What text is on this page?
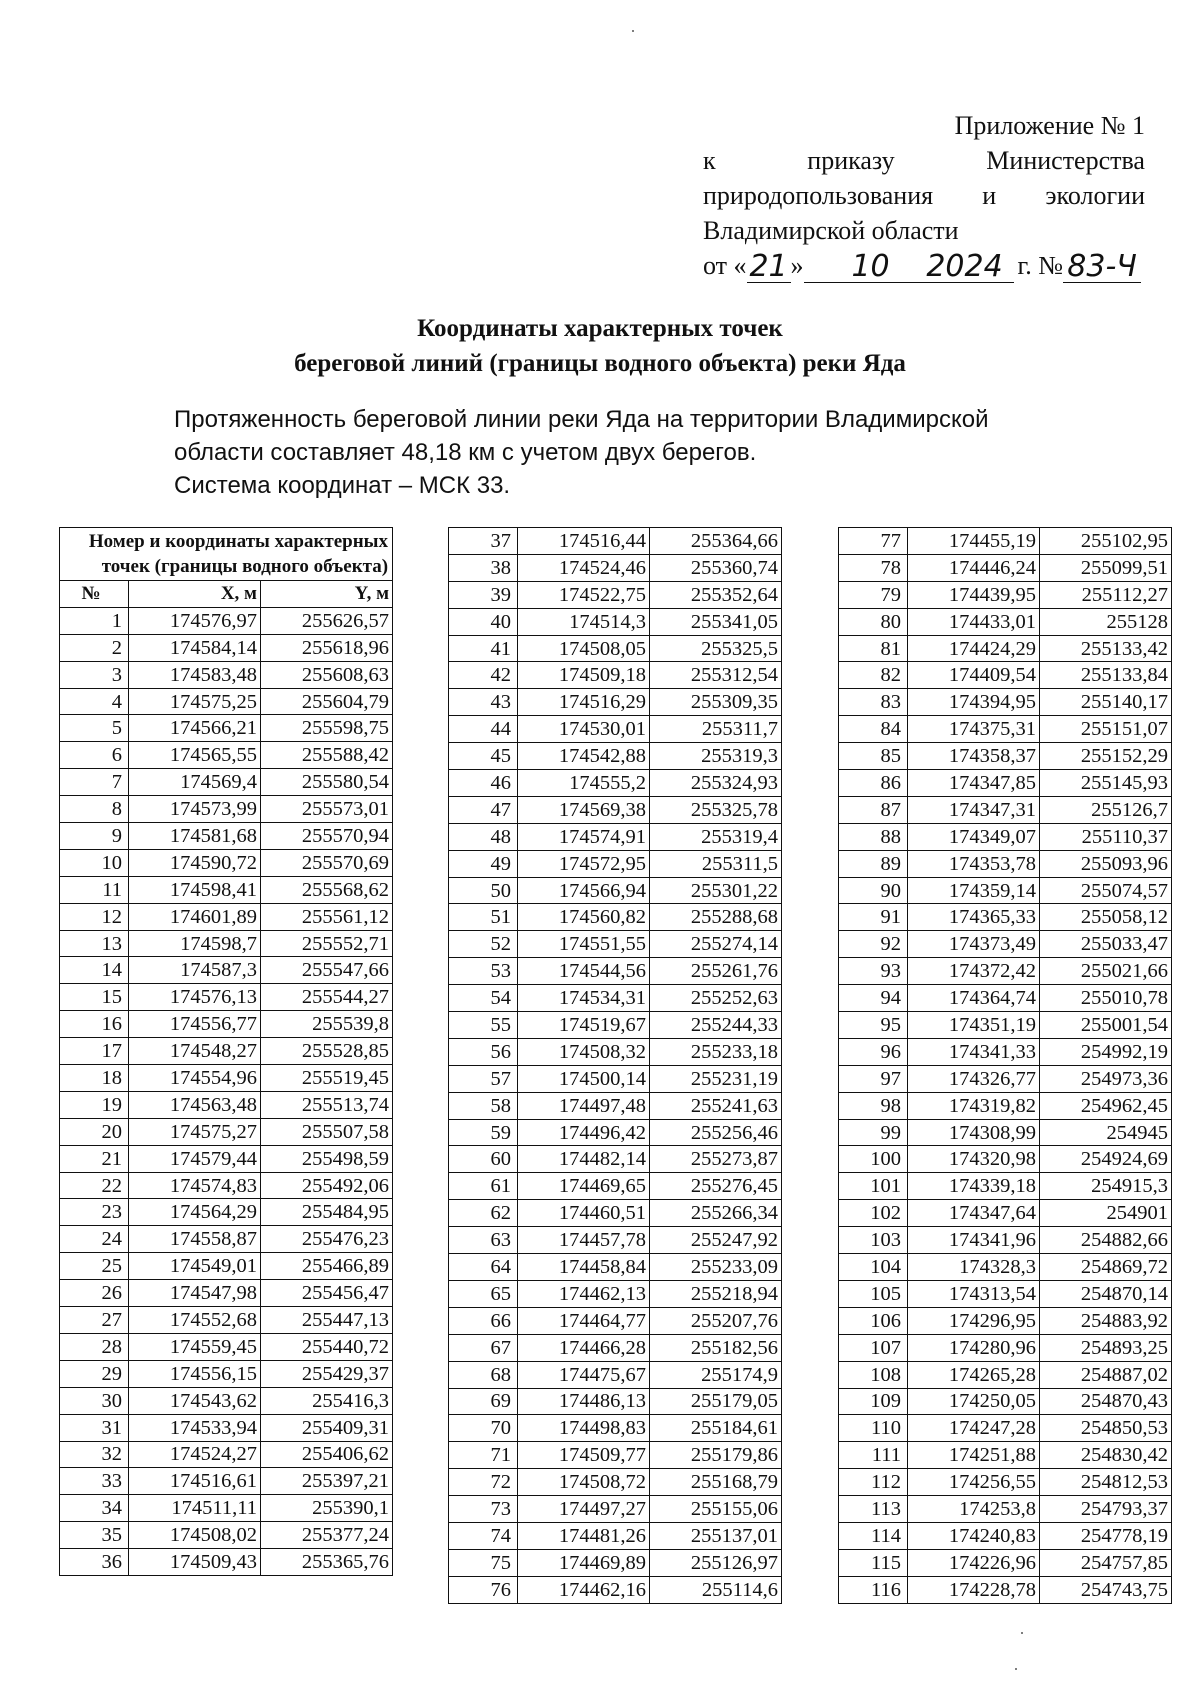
Приложение № 1
к	приказу	Министерства
природопользования и экологии
Владимирской области
от « 21 »	10	2024 г. № 83-Ч
Координаты характерных точек
береговой линий (границы водного объекта) реки Яда
Протяженность береговой линии реки Яда на территории Владимирской
области составляет 48,18 км с учетом двух берегов.
Система координат – МСК 33.
Номер и координаты характерных точек (границы водного объекта)		
№	X, м	Y, м
1	174576,97	255626,57
2	174584,14	255618,96
3	174583,48	255608,63
4	174575,25	255604,79
5	174566,21	255598,75
6	174565,55	255588,42
7	174569,4	255580,54
8	174573,99	255573,01
9	174581,68	255570,94
10	174590,72	255570,69
11	174598,41	255568,62
12	174601,89	255561,12
13	174598,7	255552,71
14	174587,3	255547,66
15	174576,13	255544,27
16	174556,77	255539,8
17	174548,27	255528,85
18	174554,96	255519,45
19	174563,48	255513,74
20	174575,27	255507,58
21	174579,44	255498,59
22	174574,83	255492,06
23	174564,29	255484,95
24	174558,87	255476,23
25	174549,01	255466,89
26	174547,98	255456,47
27	174552,68	255447,13
28	174559,45	255440,72
29	174556,15	255429,37
30	174543,62	255416,3
31	174533,94	255409,31
32	174524,27	255406,62
33	174516,61	255397,21
34	174511,11	255390,1
35	174508,02	255377,24
36	174509,43	255365,76
37	174516,44	255364,66
38	174524,46	255360,74
39	174522,75	255352,64
40	174514,3	255341,05
41	174508,05	255325,5
42	174509,18	255312,54
43	174516,29	255309,35
44	174530,01	255311,7
45	174542,88	255319,3
46	174555,2	255324,93
47	174569,38	255325,78
48	174574,91	255319,4
49	174572,95	255311,5
50	174566,94	255301,22
51	174560,82	255288,68
52	174551,55	255274,14
53	174544,56	255261,76
54	174534,31	255252,63
55	174519,67	255244,33
56	174508,32	255233,18
57	174500,14	255231,19
58	174497,48	255241,63
59	174496,42	255256,46
60	174482,14	255273,87
61	174469,65	255276,45
62	174460,51	255266,34
63	174457,78	255247,92
64	174458,84	255233,09
65	174462,13	255218,94
66	174464,77	255207,76
67	174466,28	255182,56
68	174475,67	255174,9
69	174486,13	255179,05
70	174498,83	255184,61
71	174509,77	255179,86
72	174508,72	255168,79
73	174497,27	255155,06
74	174481,26	255137,01
75	174469,89	255126,97
76	174462,16	255114,6
77	174455,19	255102,95
78	174446,24	255099,51
79	174439,95	255112,27
80	174433,01	255128
81	174424,29	255133,42
82	174409,54	255133,84
83	174394,95	255140,17
84	174375,31	255151,07
85	174358,37	255152,29
86	174347,85	255145,93
87	174347,31	255126,7
88	174349,07	255110,37
89	174353,78	255093,96
90	174359,14	255074,57
91	174365,33	255058,12
92	174373,49	255033,47
93	174372,42	255021,66
94	174364,74	255010,78
95	174351,19	255001,54
96	174341,33	254992,19
97	174326,77	254973,36
98	174319,82	254962,45
99	174308,99	254945
100	174320,98	254924,69
101	174339,18	254915,3
102	174347,64	254901
103	174341,96	254882,66
104	174328,3	254869,72
105	174313,54	254870,14
106	174296,95	254883,92
107	174280,96	254893,25
108	174265,28	254887,02
109	174250,05	254870,43
110	174247,28	254850,53
111	174251,88	254830,42
112	174256,55	254812,53
113	174253,8	254793,37
114	174240,83	254778,19
115	174226,96	254757,85
116	174228,78	254743,75
